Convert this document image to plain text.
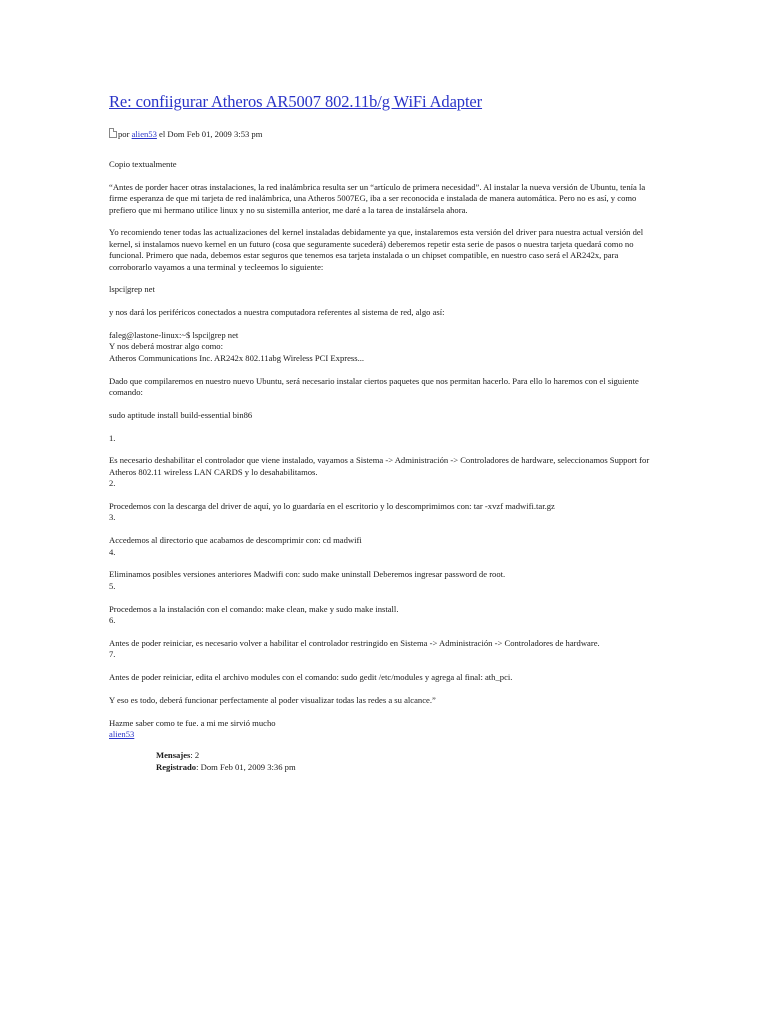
Re: confiigurar Atheros AR5007 802.11b/g WiFi Adapter
por alien53 el Dom Feb 01, 2009 3:53 pm

Copio textualmente

“Antes de porder hacer otras instalaciones, la red inalámbrica resulta ser un “artículo de primera necesidad”. Al instalar la nueva versión de Ubuntu, tenía la firme esperanza de que mi tarjeta de red inalámbrica, una Atheros 5007EG, iba a ser reconocida e instalada de manera automática. Pero no es así, y como prefiero que mi hermano utilice linux y no su sistemilla anterior, me daré a la tarea de instalársela ahora.

Yo recomiendo tener todas las actualizaciones del kernel instaladas debidamente ya que, instalaremos esta versión del driver para nuestra actual versión del kernel, si instalamos nuevo kernel en un futuro (cosa que seguramente sucederá) deberemos repetir esta serie de pasos o nuestra tarjeta quedará como no funcional. Primero que nada, debemos estar seguros que tenemos esa tarjeta instalada o un chipset compatible, en nuestro caso será el AR242x, para corroborarlo vayamos a una terminal y tecleemos lo siguiente:

lspci|grep net

y nos dará los periféricos conectados a nuestra computadora referentes al sistema de red, algo así:

faleg@lastone-linux:~$ lspci|grep net
Y nos deberá mostrar algo como:
Atheros Communications Inc. AR242x 802.11abg Wireless PCI Express...

Dado que compilaremos en nuestro nuevo Ubuntu, será necesario instalar ciertos paquetes que nos permitan hacerlo. Para ello lo haremos con el siguiente comando:

sudo aptitude install build-essential bin86

1.

Es necesario deshabilitar el controlador que viene instalado, vayamos a Sistema -> Administración -> Controladores de hardware, seleccionamos Support for Atheros 802.11 wireless LAN CARDS y lo desahabilitamos.
2.

Procedemos con la descarga del driver de aquí, yo lo guardaría en el escritorio y lo descomprimimos con: tar -xvzf madwifi.tar.gz
3.

Accedemos al directorio que acabamos de descomprimir con: cd madwifi
4.

Eliminamos posibles versiones anteriores Madwifi con: sudo make uninstall Deberemos ingresar password de root.
5.

Procedemos a la instalación con el comando: make clean, make y sudo make install.
6.

Antes de poder reiniciar, es necesario volver a habilitar el controlador restringido en Sistema -> Administración -> Controladores de hardware.
7.

Antes de poder reiniciar, edita el archivo modules con el comando: sudo gedit /etc/modules y agrega al final: ath_pci.

Y eso es todo, deberá funcionar perfectamente al poder visualizar todas las redes a su alcance.”

Hazme saber como te fue. a mi me sirvió mucho
alien53

Mensajes: 2
Registrado: Dom Feb 01, 2009 3:36 pm
